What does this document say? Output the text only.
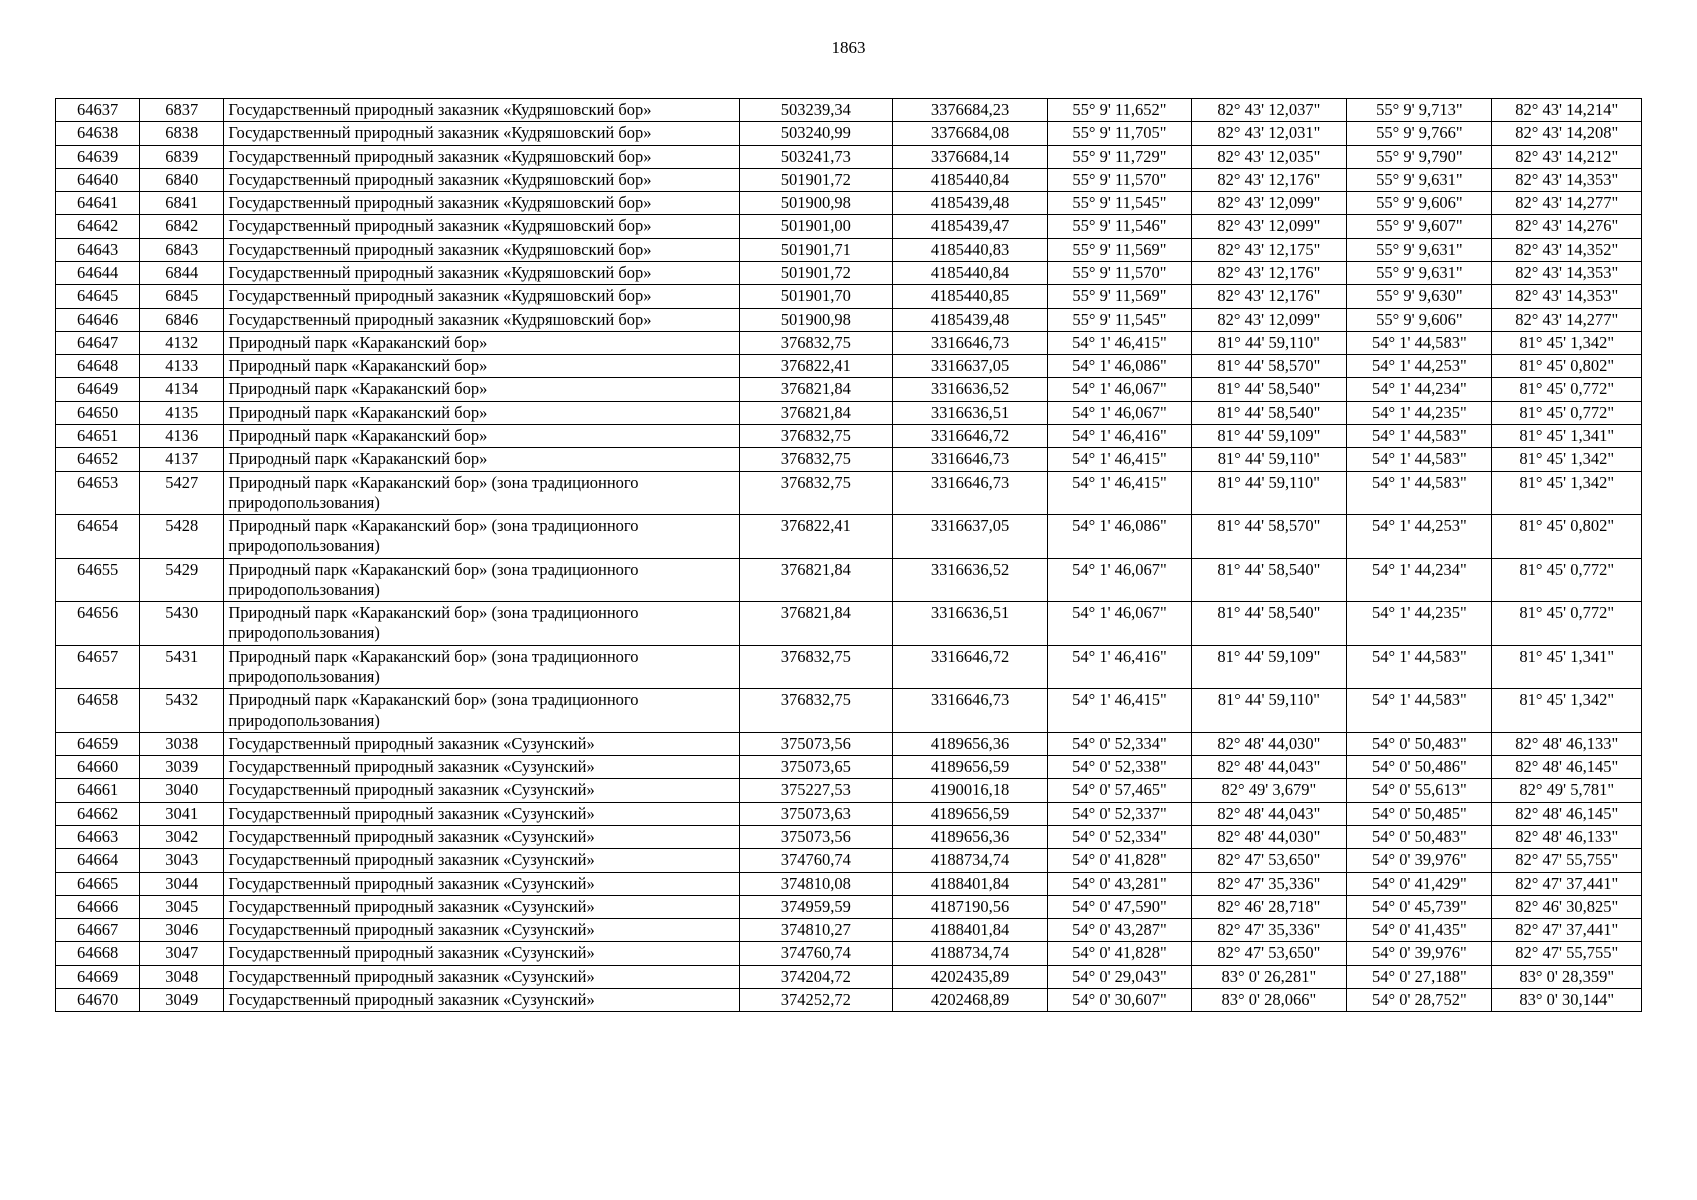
1863
64637	6837	Государственный природный заказник «Кудряшовский бор»	503239,34	3376684,23	55° 9' 11,652"	82° 43' 12,037"	55° 9' 9,713"	82° 43' 14,214"
64638	6838	Государственный природный заказник «Кудряшовский бор»	503240,99	3376684,08	55° 9' 11,705"	82° 43' 12,031"	55° 9' 9,766"	82° 43' 14,208"
64639	6839	Государственный природный заказник «Кудряшовский бор»	503241,73	3376684,14	55° 9' 11,729"	82° 43' 12,035"	55° 9' 9,790"	82° 43' 14,212"
64640	6840	Государственный природный заказник «Кудряшовский бор»	501901,72	4185440,84	55° 9' 11,570"	82° 43' 12,176"	55° 9' 9,631"	82° 43' 14,353"
64641	6841	Государственный природный заказник «Кудряшовский бор»	501900,98	4185439,48	55° 9' 11,545"	82° 43' 12,099"	55° 9' 9,606"	82° 43' 14,277"
64642	6842	Государственный природный заказник «Кудряшовский бор»	501901,00	4185439,47	55° 9' 11,546"	82° 43' 12,099"	55° 9' 9,607"	82° 43' 14,276"
64643	6843	Государственный природный заказник «Кудряшовский бор»	501901,71	4185440,83	55° 9' 11,569"	82° 43' 12,175"	55° 9' 9,631"	82° 43' 14,352"
64644	6844	Государственный природный заказник «Кудряшовский бор»	501901,72	4185440,84	55° 9' 11,570"	82° 43' 12,176"	55° 9' 9,631"	82° 43' 14,353"
64645	6845	Государственный природный заказник «Кудряшовский бор»	501901,70	4185440,85	55° 9' 11,569"	82° 43' 12,176"	55° 9' 9,630"	82° 43' 14,353"
64646	6846	Государственный природный заказник «Кудряшовский бор»	501900,98	4185439,48	55° 9' 11,545"	82° 43' 12,099"	55° 9' 9,606"	82° 43' 14,277"
64647	4132	Природный парк «Караканский бор»	376832,75	3316646,73	54° 1' 46,415"	81° 44' 59,110"	54° 1' 44,583"	81° 45' 1,342"
64648	4133	Природный парк «Караканский бор»	376822,41	3316637,05	54° 1' 46,086"	81° 44' 58,570"	54° 1' 44,253"	81° 45' 0,802"
64649	4134	Природный парк «Караканский бор»	376821,84	3316636,52	54° 1' 46,067"	81° 44' 58,540"	54° 1' 44,234"	81° 45' 0,772"
64650	4135	Природный парк «Караканский бор»	376821,84	3316636,51	54° 1' 46,067"	81° 44' 58,540"	54° 1' 44,235"	81° 45' 0,772"
64651	4136	Природный парк «Караканский бор»	376832,75	3316646,72	54° 1' 46,416"	81° 44' 59,109"	54° 1' 44,583"	81° 45' 1,341"
64652	4137	Природный парк «Караканский бор»	376832,75	3316646,73	54° 1' 46,415"	81° 44' 59,110"	54° 1' 44,583"	81° 45' 1,342"
64653	5427	Природный парк «Караканский бор» (зона традиционного природопользования)	376832,75	3316646,73	54° 1' 46,415"	81° 44' 59,110"	54° 1' 44,583"	81° 45' 1,342"
64654	5428	Природный парк «Караканский бор» (зона традиционного природопользования)	376822,41	3316637,05	54° 1' 46,086"	81° 44' 58,570"	54° 1' 44,253"	81° 45' 0,802"
64655	5429	Природный парк «Караканский бор» (зона традиционного природопользования)	376821,84	3316636,52	54° 1' 46,067"	81° 44' 58,540"	54° 1' 44,234"	81° 45' 0,772"
64656	5430	Природный парк «Караканский бор» (зона традиционного природопользования)	376821,84	3316636,51	54° 1' 46,067"	81° 44' 58,540"	54° 1' 44,235"	81° 45' 0,772"
64657	5431	Природный парк «Караканский бор» (зона традиционного природопользования)	376832,75	3316646,72	54° 1' 46,416"	81° 44' 59,109"	54° 1' 44,583"	81° 45' 1,341"
64658	5432	Природный парк «Караканский бор» (зона традиционного природопользования)	376832,75	3316646,73	54° 1' 46,415"	81° 44' 59,110"	54° 1' 44,583"	81° 45' 1,342"
64659	3038	Государственный природный заказник «Сузунский»	375073,56	4189656,36	54° 0' 52,334"	82° 48' 44,030"	54° 0' 50,483"	82° 48' 46,133"
64660	3039	Государственный природный заказник «Сузунский»	375073,65	4189656,59	54° 0' 52,338"	82° 48' 44,043"	54° 0' 50,486"	82° 48' 46,145"
64661	3040	Государственный природный заказник «Сузунский»	375227,53	4190016,18	54° 0' 57,465"	82° 49' 3,679"	54° 0' 55,613"	82° 49' 5,781"
64662	3041	Государственный природный заказник «Сузунский»	375073,63	4189656,59	54° 0' 52,337"	82° 48' 44,043"	54° 0' 50,485"	82° 48' 46,145"
64663	3042	Государственный природный заказник «Сузунский»	375073,56	4189656,36	54° 0' 52,334"	82° 48' 44,030"	54° 0' 50,483"	82° 48' 46,133"
64664	3043	Государственный природный заказник «Сузунский»	374760,74	4188734,74	54° 0' 41,828"	82° 47' 53,650"	54° 0' 39,976"	82° 47' 55,755"
64665	3044	Государственный природный заказник «Сузунский»	374810,08	4188401,84	54° 0' 43,281"	82° 47' 35,336"	54° 0' 41,429"	82° 47' 37,441"
64666	3045	Государственный природный заказник «Сузунский»	374959,59	4187190,56	54° 0' 47,590"	82° 46' 28,718"	54° 0' 45,739"	82° 46' 30,825"
64667	3046	Государственный природный заказник «Сузунский»	374810,27	4188401,84	54° 0' 43,287"	82° 47' 35,336"	54° 0' 41,435"	82° 47' 37,441"
64668	3047	Государственный природный заказник «Сузунский»	374760,74	4188734,74	54° 0' 41,828"	82° 47' 53,650"	54° 0' 39,976"	82° 47' 55,755"
64669	3048	Государственный природный заказник «Сузунский»	374204,72	4202435,89	54° 0' 29,043"	83° 0' 26,281"	54° 0' 27,188"	83° 0' 28,359"
64670	3049	Государственный природный заказник «Сузунский»	374252,72	4202468,89	54° 0' 30,607"	83° 0' 28,066"	54° 0' 28,752"	83° 0' 30,144"
